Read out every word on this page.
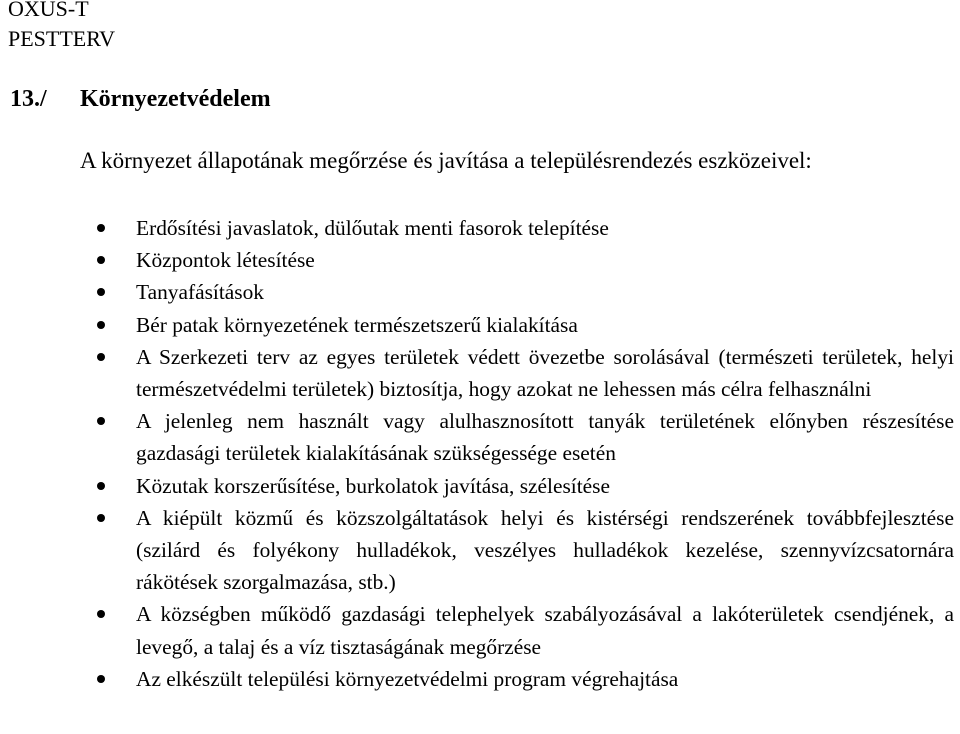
OXUS-T
PESTTERV
13./ Környezetvédelem
A környezet állapotának megőrzése és javítása a településrendezés eszközeivel:
Erdősítési javaslatok, dülőutak menti fasorok telepítése
Központok létesítése
Tanyafásítások
Bér patak környezetének természetszerű kialakítása
A Szerkezeti terv az egyes területek védett övezetbe sorolásával (természeti területek, helyi természetvédelmi területek) biztosítja, hogy azokat ne lehessen más célra felhasználni
A jelenleg nem használt vagy alulhasznosított tanyák területének előnyben részesítése gazdasági területek kialakításának szükségessége esetén
Közutak korszerűsítése, burkolatok javítása, szélesítése
A kiépült közmű és közszolgáltatások helyi és kistérségi rendszerének továbbfejlesztése (szilárd és folyékony hulladékok, veszélyes hulladékok kezelése, szennyvízcsatornára rákötések szorgalmazása, stb.)
A községben működő gazdasági telephelyek szabályozásával a lakóterületek csendjének, a levegő, a talaj és a víz tisztaságának megőrzése
Az elkészült települési környezetvédelmi program végrehajtása
